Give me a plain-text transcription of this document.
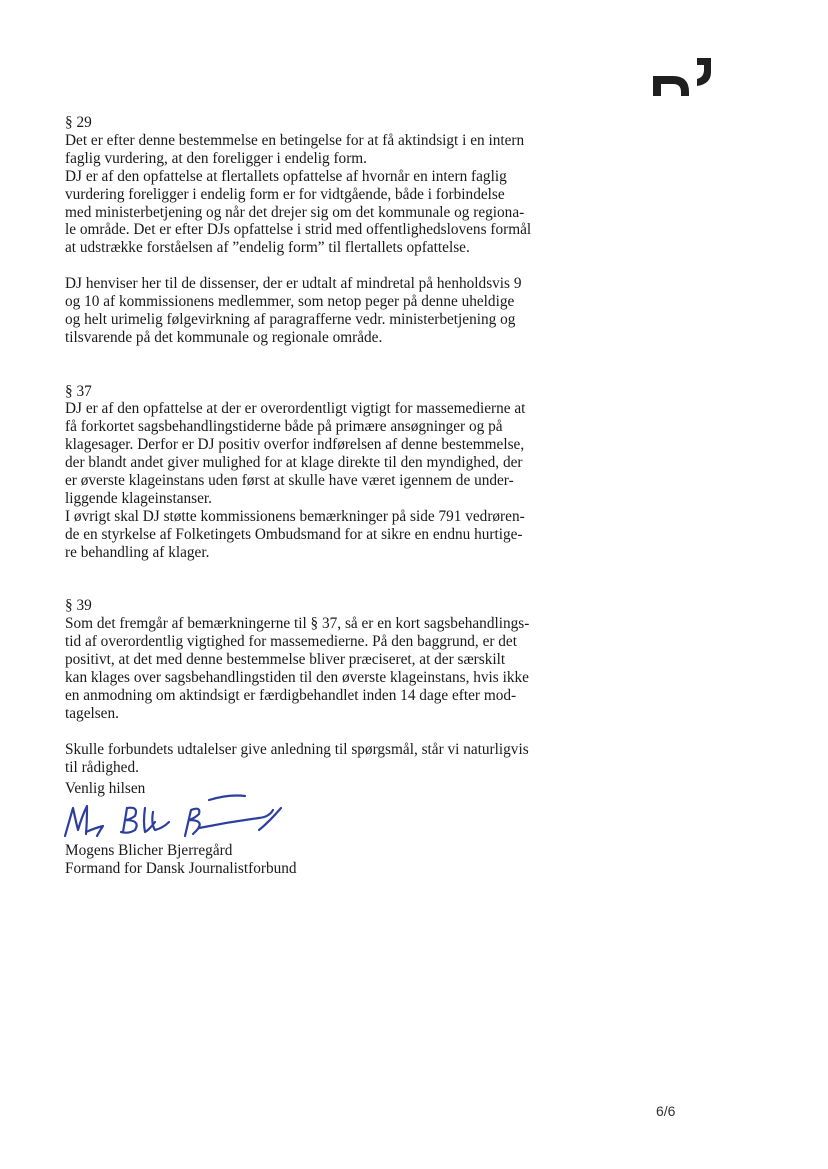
§ 29
Det er efter denne bestemmelse en betingelse for at få aktindsigt i en intern
faglig vurdering, at den foreligger i endelig form.
DJ er af den opfattelse at flertallets opfattelse af hvornår en intern faglig
vurdering foreligger i endelig form er for vidtgående, både i forbindelse
med ministerbetjening og når det drejer sig om det kommunale og regiona-
le område. Det er efter DJs opfattelse i strid med offentlighedslovens formål
at udstrække forståelsen af ”endelig form” til flertallets opfattelse.
DJ henviser her til de dissenser, der er udtalt af mindretal på henholdsvis 9
og 10 af kommissionens medlemmer, som netop peger på denne uheldige
og helt urimelig følgevirkning af paragrafferne vedr. ministerbetjening og
tilsvarende på det kommunale og regionale område.
§ 37
DJ er af den opfattelse at der er overordentligt vigtigt for massemedierne at
få forkortet sagsbehandlingstiderne både på primære ansøgninger og på
klagesager. Derfor er DJ positiv overfor indførelsen af denne bestemmelse,
der blandt andet giver mulighed for at klage direkte til den myndighed, der
er øverste klageinstans uden først at skulle have været igennem de under-
liggende klageinstanser.
I øvrigt skal DJ støtte kommissionens bemærkninger på side 791 vedrøren-
de en styrkelse af Folketingets Ombudsmand for at sikre en endnu hurtige-
re behandling af klager.
§ 39
Som det fremgår af bemærkningerne til § 37, så er en kort sagsbehandlings-
tid af overordentlig vigtighed for massemedierne. På den baggrund, er det
positivt, at det med denne bestemmelse bliver præciseret, at der særskilt
kan klages over sagsbehandlingstiden til den øverste klageinstans, hvis ikke
en anmodning om aktindsigt er færdigbehandlet inden 14 dage efter mod-
tagelsen.
Skulle forbundets udtalelser give anledning til spørgsmål, står vi naturligvis
til rådighed.
Venlig hilsen
Mogens Blicher Bjerregård
Formand for Dansk Journalistforbund
6/6
